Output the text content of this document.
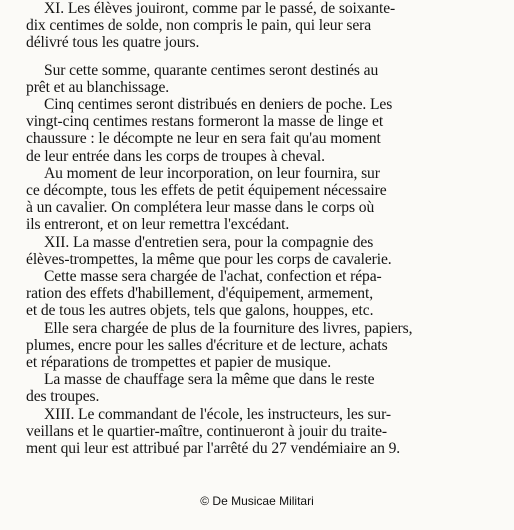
XI. Les élèves jouiront, comme par le passé, de soixante-
dix centimes de solde, non compris le pain, qui leur sera
délivré tous les quatre jours.

Sur cette somme, quarante centimes seront destinés au
prêt et au blanchissage.

Cinq centimes seront distribués en deniers de poche. Les
vingt-cinq centimes restans formeront la masse de linge et
chaussure : le décompte ne leur en sera fait qu'au moment
de leur entrée dans les corps de troupes à cheval.

Au moment de leur incorporation, on leur fournira, sur
ce décompte, tous les effets de petit équipement nécessaire
à un cavalier. On complétera leur masse dans le corps où
ils entreront, et on leur remettra l'excédant.

XII. La masse d'entretien sera, pour la compagnie des
élèves-trompettes, la même que pour les corps de cavalerie.

Cette masse sera chargée de l'achat, confection et répa-
ration des effets d'habillement, d'équipement, armement,
et de tous les autres objets, tels que galons, houppes, etc.

Elle sera chargée de plus de la fourniture des livres, papiers,
plumes, encre pour les salles d'écriture et de lecture, achats
et réparations de trompettes et papier de musique.

La masse de chauffage sera la même que dans le reste
des troupes.

XIII. Le commandant de l'école, les instructeurs, les sur-
veillans et le quartier-maître, continueront à jouir du traite-
ment qui leur est attribué par l'arrêté du 27 vendémiaire an 9.

© De Musicae Militari
